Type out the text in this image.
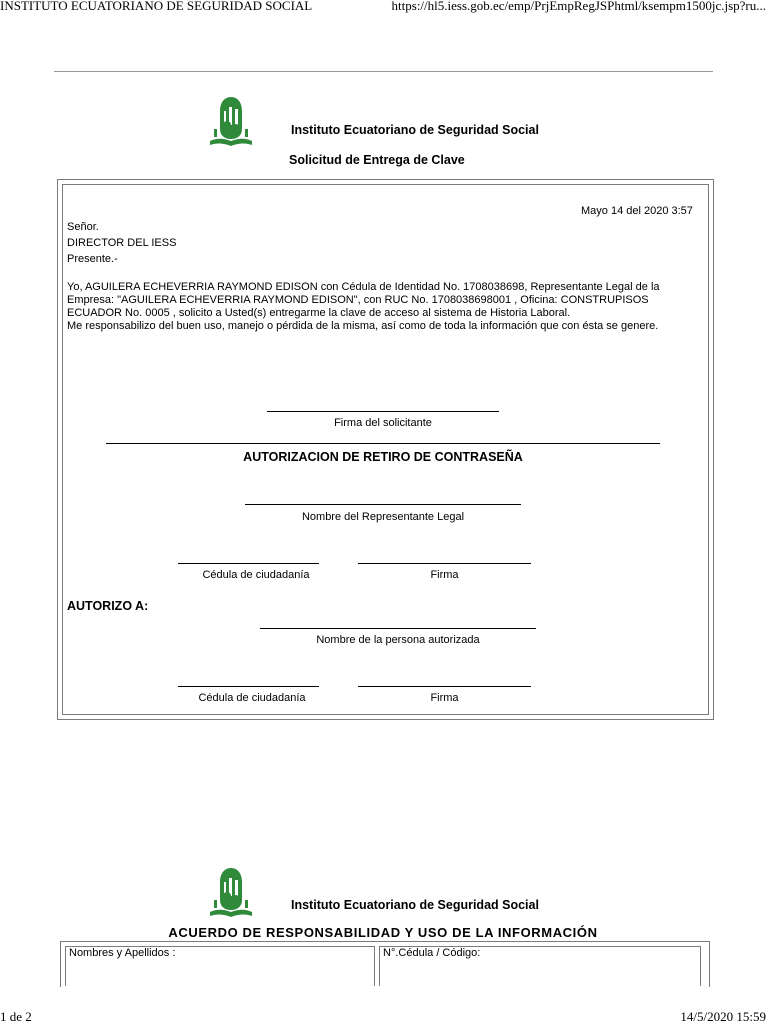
INSTITUTO ECUATORIANO DE SEGURIDAD SOCIAL	https://hl5.iess.gob.ec/emp/PrjEmpRegJSPhtml/ksempm1500jc.jsp?ru...
Instituto Ecuatoriano de Seguridad Social
Solicitud de Entrega de Clave
Mayo 14 del 2020 3:57
Señor.
DIRECTOR DEL IESS
Presente.-
Yo, AGUILERA ECHEVERRIA RAYMOND EDISON con Cédula de Identidad No. 1708038698, Representante Legal de la
Empresa: "AGUILERA ECHEVERRIA RAYMOND EDISON", con RUC No. 1708038698001 , Oficina: CONSTRUPISOS
ECUADOR No. 0005 , solicito a Usted(s) entregarme la clave de acceso al sistema de Historia Laboral.
Me responsabilizo del buen uso, manejo o pérdida de la misma, así como de toda la información que con ésta se genere.
Firma del solicitante
AUTORIZACION DE RETIRO DE CONTRASEÑA
Nombre del Representante Legal
Cédula de ciudadanía	Firma
AUTORIZO A:
Nombre de la persona autorizada
Cédula de ciudadanía	Firma
Instituto Ecuatoriano de Seguridad Social
ACUERDO DE RESPONSABILIDAD Y USO DE LA INFORMACIÓN
Nombres y Apellidos :	N°.Cédula / Código:
1 de 2	14/5/2020 15:59
